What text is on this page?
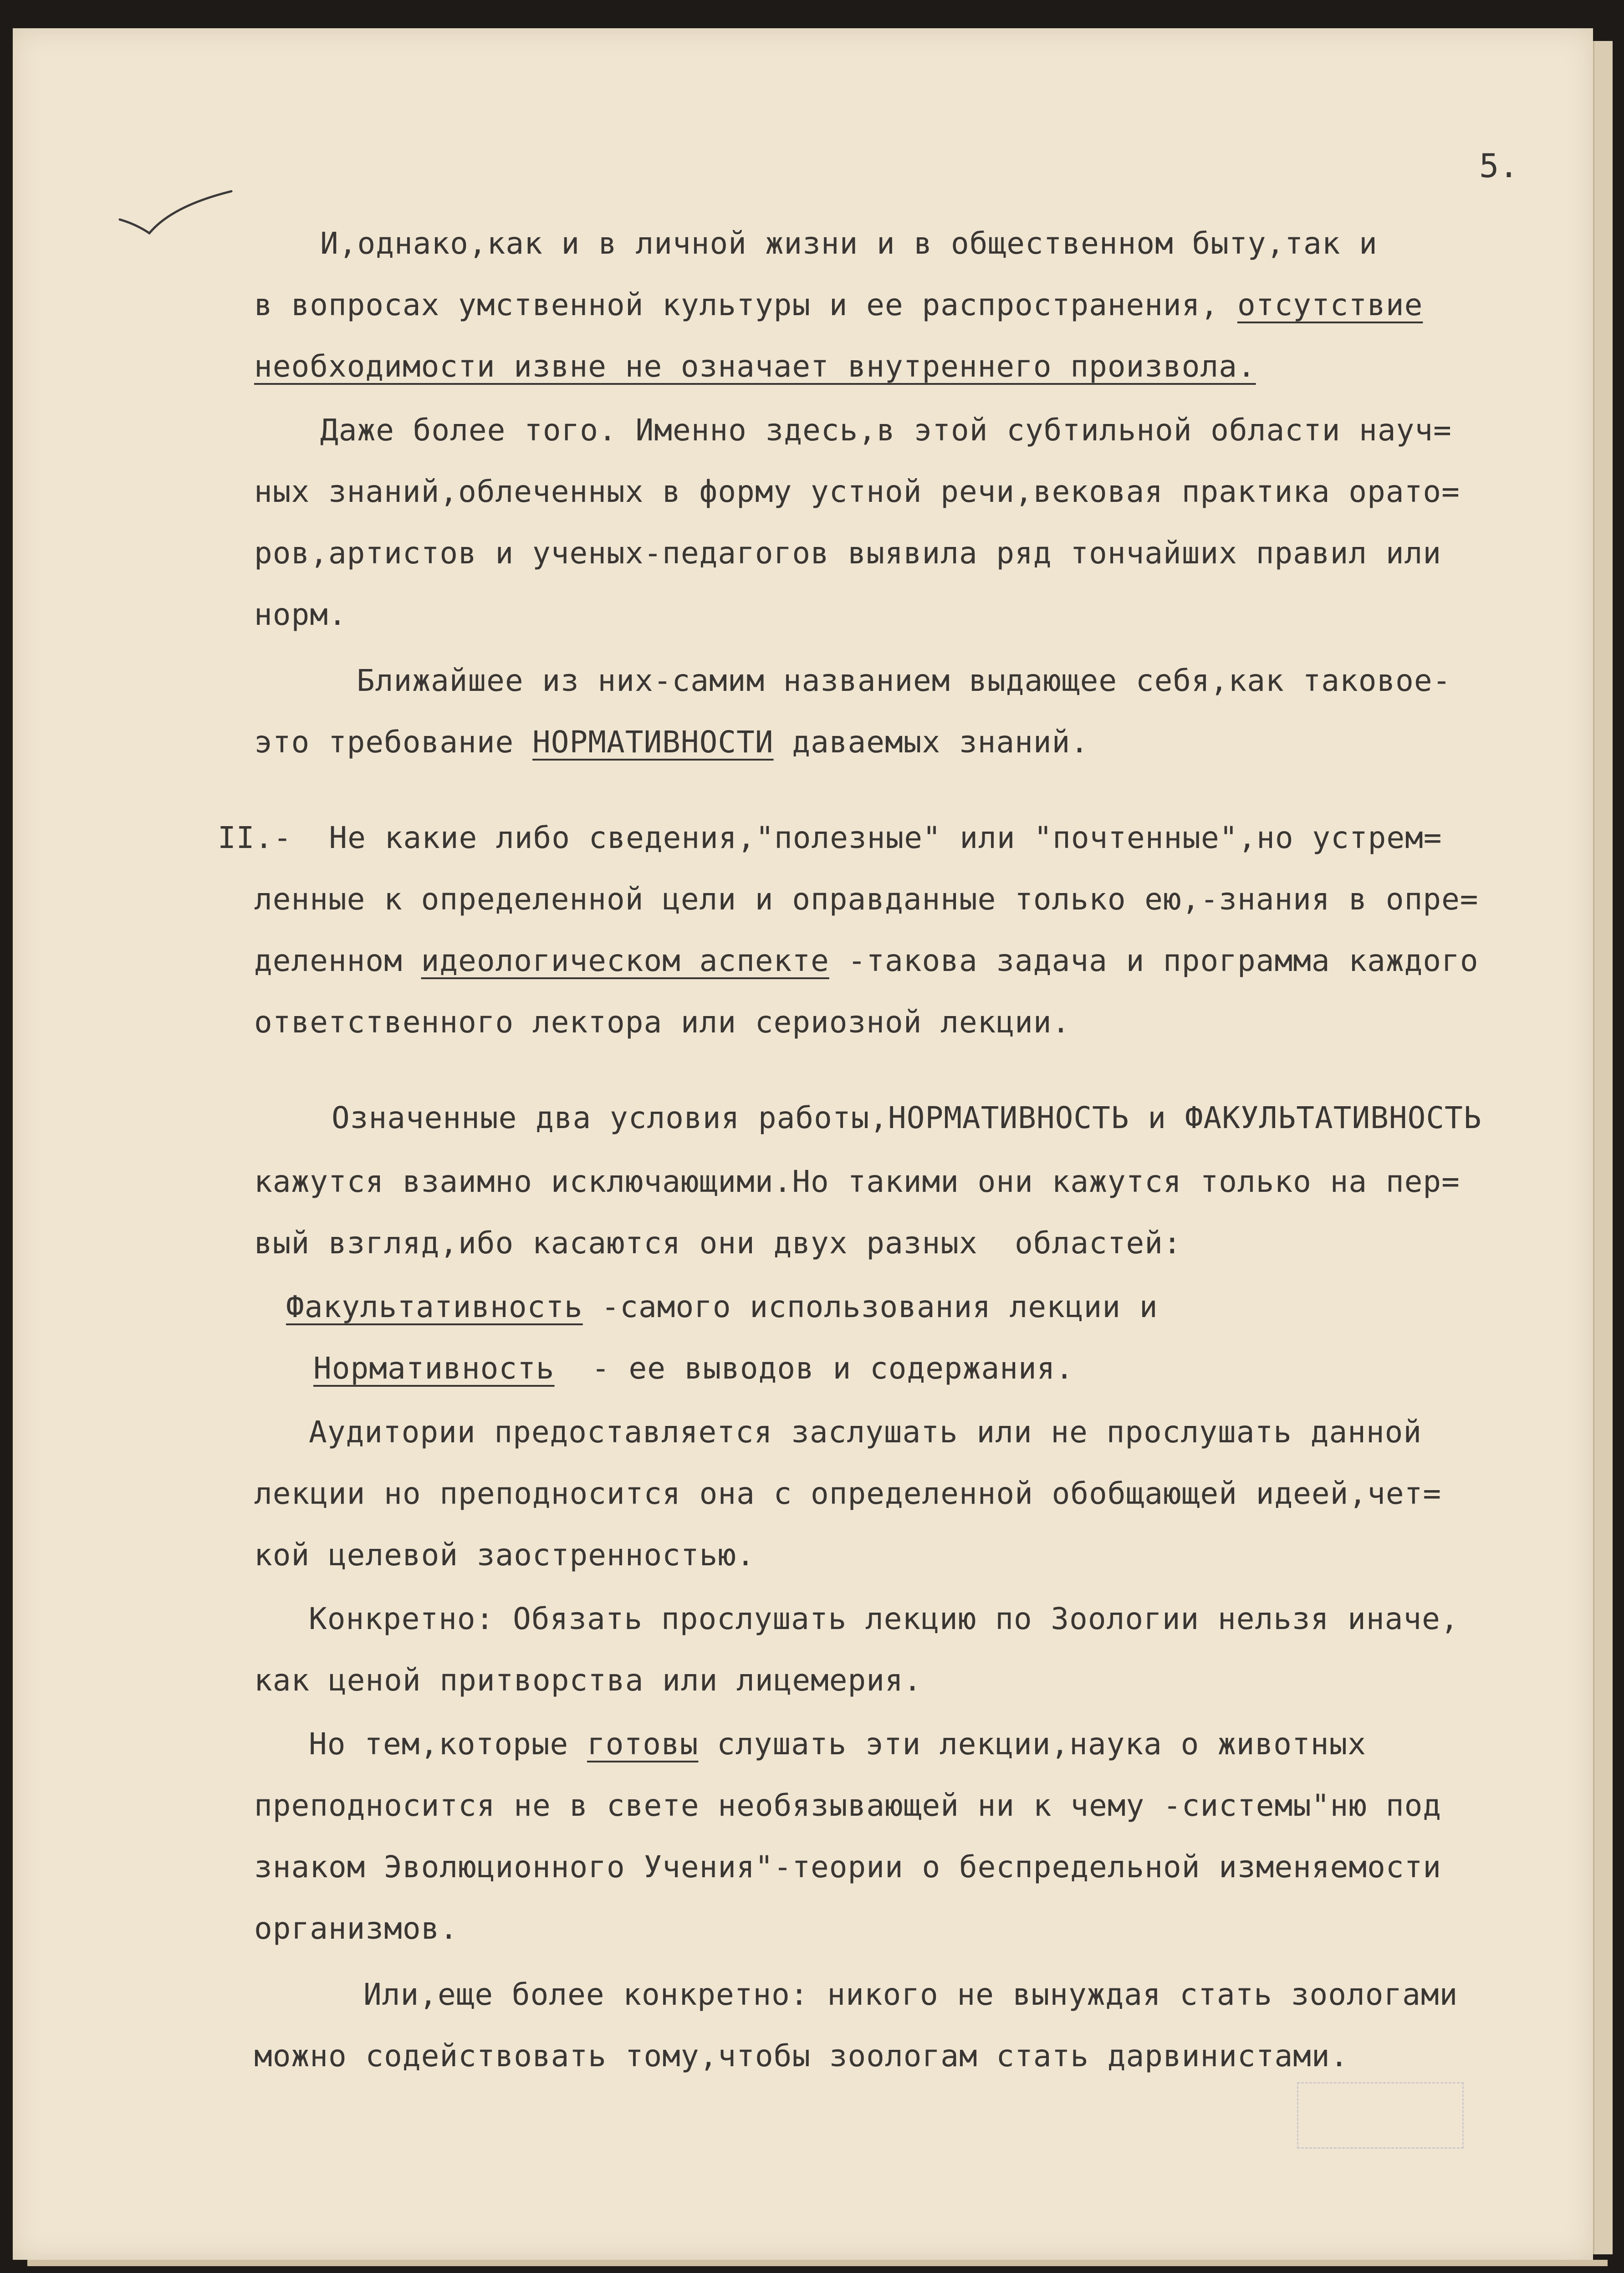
5.
И,однако,как и в личной жизни и в общественном быту,так и
в вопросах умственной культуры и ее распространения, отсутствие
необходимости извне не означает внутреннего произвола.
Даже более того. Именно здесь,в этой субтильной области науч=
ных знаний,облеченных в форму устной речи,вековая практика орато=
ров,артистов и ученых-педагогов выявила ряд тончайших правил или
норм.
Ближайшее из них-самим названием выдающее себя,как таковое-
это требование НОРМАТИВНОСТИ даваемых знаний.
II.-  Не какие либо сведения,"полезные" или "почтенные",но устрем=
ленные к определенной цели и оправданные только ею,-знания в опре=
деленном идеологическом аспекте -такова задача и программа каждого
ответственного лектора или сериозной лекции.
Означенные два условия работы,НОРМАТИВНОСТЬ и ФАКУЛЬТАТИВНОСТЬ
кажутся взаимно исключающими.Но такими они кажутся только на пер=
вый взгляд,ибо касаются они двух разных  областей:
Факультативность -самого использования лекции и
Нормативность  - ее выводов и содержания.
Аудитории предоставляется заслушать или не прослушать данной
лекции но преподносится она с определенной обобщающей идеей,чет=
кой целевой заостренностью.
Конкретно: Обязать прослушать лекцию по Зоологии нельзя иначе,
как ценой притворства или лицемерия.
Но тем,которые готовы слушать эти лекции,наука о животных
преподносится не в свете необязывающей ни к чему -системы"ню под
знаком Эволюционного Учения"-теории о беспредельной изменяемости
организмов.
Или,еще более конкретно: никого не вынуждая стать зоологами
можно содействовать тому,чтобы зоологам стать дарвинистами.
